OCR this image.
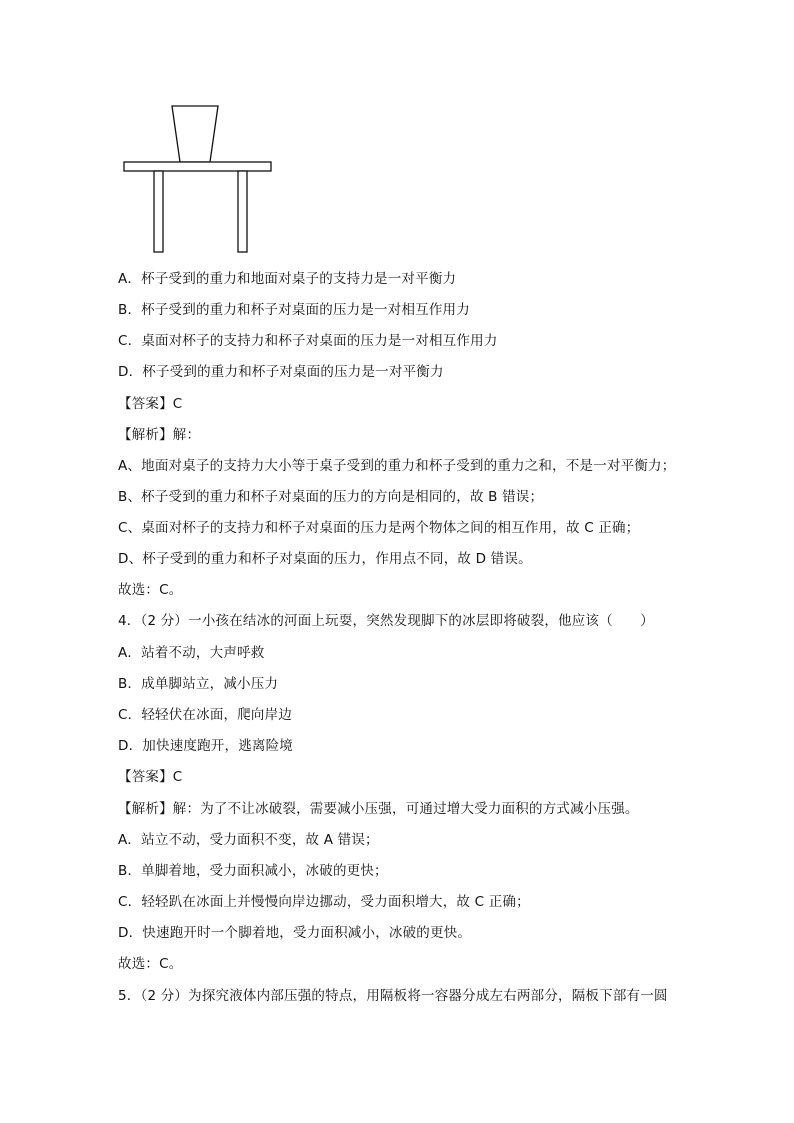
A．杯子受到的重力和地面对桌子的支持力是一对平衡力
B．杯子受到的重力和杯子对桌面的压力是一对相互作用力
C．桌面对杯子的支持力和杯子对桌面的压力是一对相互作用力
D．杯子受到的重力和杯子对桌面的压力是一对平衡力
【答案】C
【解析】解：
A、地面对桌子的支持力大小等于桌子受到的重力和杯子受到的重力之和，不是一对平衡力；
B、杯子受到的重力和杯子对桌面的压力的方向是相同的，故 B 错误；
C、桌面对杯子的支持力和杯子对桌面的压力是两个物体之间的相互作用，故 C 正确；
D、杯子受到的重力和杯子对桌面的压力，作用点不同，故 D 错误。
故选：C。
4．（2 分）一小孩在结冰的河面上玩耍，突然发现脚下的冰层即将破裂，他应该（　　）
A．站着不动，大声呼救
B．成单脚站立，减小压力
C．轻轻伏在冰面，爬向岸边
D．加快速度跑开，逃离险境
【答案】C
【解析】解：为了不让冰破裂，需要减小压强，可通过增大受力面积的方式减小压强。
A．站立不动，受力面积不变，故 A 错误；
B．单脚着地，受力面积减小，冰破的更快；
C．轻轻趴在冰面上并慢慢向岸边挪动，受力面积增大，故 C 正确；
D．快速跑开时一个脚着地，受力面积减小，冰破的更快。
故选：C。
5．（2 分）为探究液体内部压强的特点，用隔板将一容器分成左右两部分，隔板下部有一圆
